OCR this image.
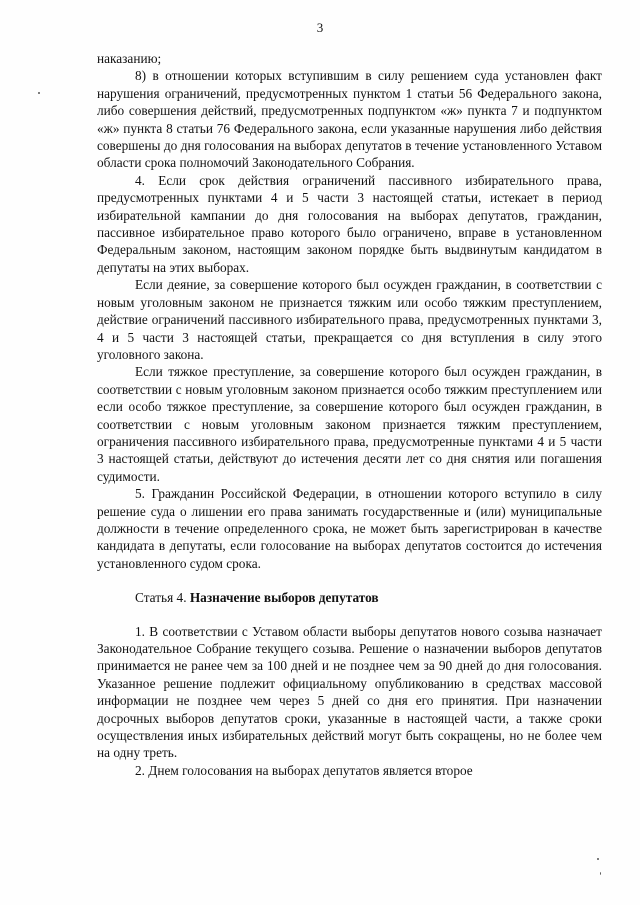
3

наказанию;

8) в отношении которых вступившим в силу решением суда установлен факт нарушения ограничений, предусмотренных пунктом 1 статьи 56 Федерального закона, либо совершения действий, предусмотренных подпунктом «ж» пункта 7 и подпунктом «ж» пункта 8 статьи 76 Федерального закона, если указанные нарушения либо действия совершены до дня голосования на выборах депутатов в течение установленного Уставом области срока полномочий Законодательного Собрания.

4. Если срок действия ограничений пассивного избирательного права, предусмотренных пунктами 4 и 5 части 3 настоящей статьи, истекает в период избирательной кампании до дня голосования на выборах депутатов, гражданин, пассивное избирательное право которого было ограничено, вправе в установленном Федеральным законом, настоящим законом порядке быть выдвинутым кандидатом в депутаты на этих выборах.

Если деяние, за совершение которого был осужден гражданин, в соответствии с новым уголовным законом не признается тяжким или особо тяжким преступлением, действие ограничений пассивного избирательного права, предусмотренных пунктами 3, 4 и 5 части 3 настоящей статьи, прекращается со дня вступления в силу этого уголовного закона.

Если тяжкое преступление, за совершение которого был осужден гражданин, в соответствии с новым уголовным законом признается особо тяжким преступлением или если особо тяжкое преступление, за совершение которого был осужден гражданин, в соответствии с новым уголовным законом признается тяжким преступлением, ограничения пассивного избирательного права, предусмотренные пунктами 4 и 5 части 3 настоящей статьи, действуют до истечения десяти лет со дня снятия или погашения судимости.

5. Гражданин Российской Федерации, в отношении которого вступило в силу решение суда о лишении его права занимать государственные и (или) муниципальные должности в течение определенного срока, не может быть зарегистрирован в качестве кандидата в депутаты, если голосование на выборах депутатов состоится до истечения установленного судом срока.

Статья 4. Назначение выборов депутатов

1. В соответствии с Уставом области выборы депутатов нового созыва назначает Законодательное Собрание текущего созыва. Решение о назначении выборов депутатов принимается не ранее чем за 100 дней и не позднее чем за 90 дней до дня голосования. Указанное решение подлежит официальному опубликованию в средствах массовой информации не позднее чем через 5 дней со дня его принятия. При назначении досрочных выборов депутатов сроки, указанные в настоящей части, а также сроки осуществления иных избирательных действий могут быть сокращены, но не более чем на одну треть.

2. Днем голосования на выборах депутатов является второе
